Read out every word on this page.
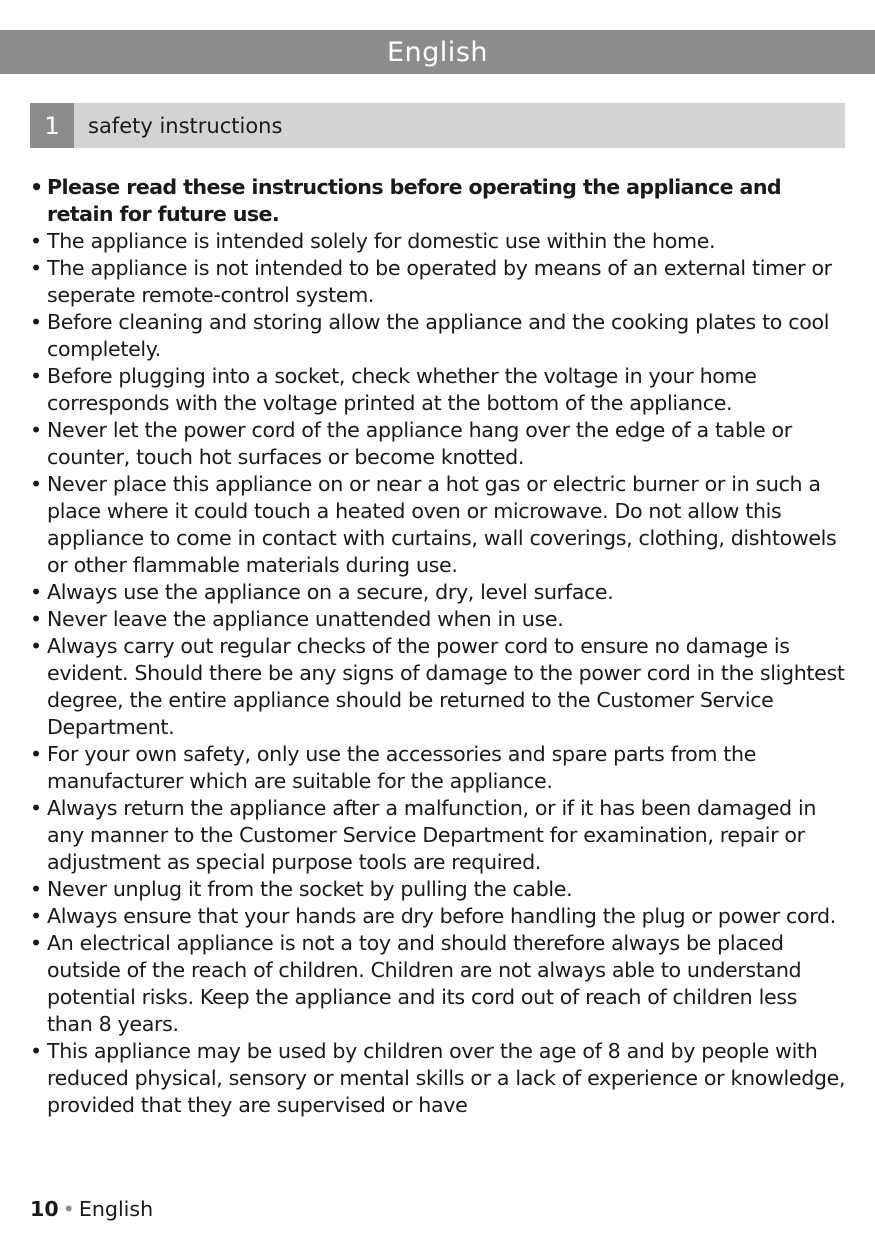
English
1	safety instructions
• Please read these instructions before operating the appliance and retain for future use.
• The appliance is intended solely for domestic use within the home.
• The appliance is not intended to be operated by means of an external timer or seperate remote-control system.
• Before cleaning and storing allow the appliance and the cooking plates to cool completely.
• Before plugging into a socket, check whether the voltage in your home corresponds with the voltage printed at the bottom of the appliance.
• Never let the power cord of the appliance hang over the edge of a table or counter, touch hot surfaces or become knotted.
• Never place this appliance on or near a hot gas or electric burner or in such a place where it could touch a heated oven or microwave. Do not allow this appliance to come in contact with curtains, wall coverings, clothing, dishtowels or other flammable materials during use.
• Always use the appliance on a secure, dry, level surface.
• Never leave the appliance unattended when in use.
• Always carry out regular checks of the power cord to ensure no damage is evident. Should there be any signs of damage to the power cord in the slightest degree, the entire appliance should be returned to the Customer Service Department.
• For your own safety, only use the accessories and spare parts from the manufacturer which are suitable for the appliance.
• Always return the appliance after a malfunction, or if it has been damaged in any manner to the Customer Service Department for examination, repair or adjustment as special purpose tools are required.
• Never unplug it from the socket by pulling the cable.
• Always ensure that your hands are dry before handling the plug or power cord.
• An electrical appliance is not a toy and should therefore always be placed outside of the reach of children. Children are not always able to understand potential risks. Keep the appliance and its cord out of reach of children less than 8 years.
• This appliance may be used by children over the age of 8 and by people with reduced physical, sensory or mental skills or a lack of experience or knowledge, provided that they are supervised or have
10 • English
